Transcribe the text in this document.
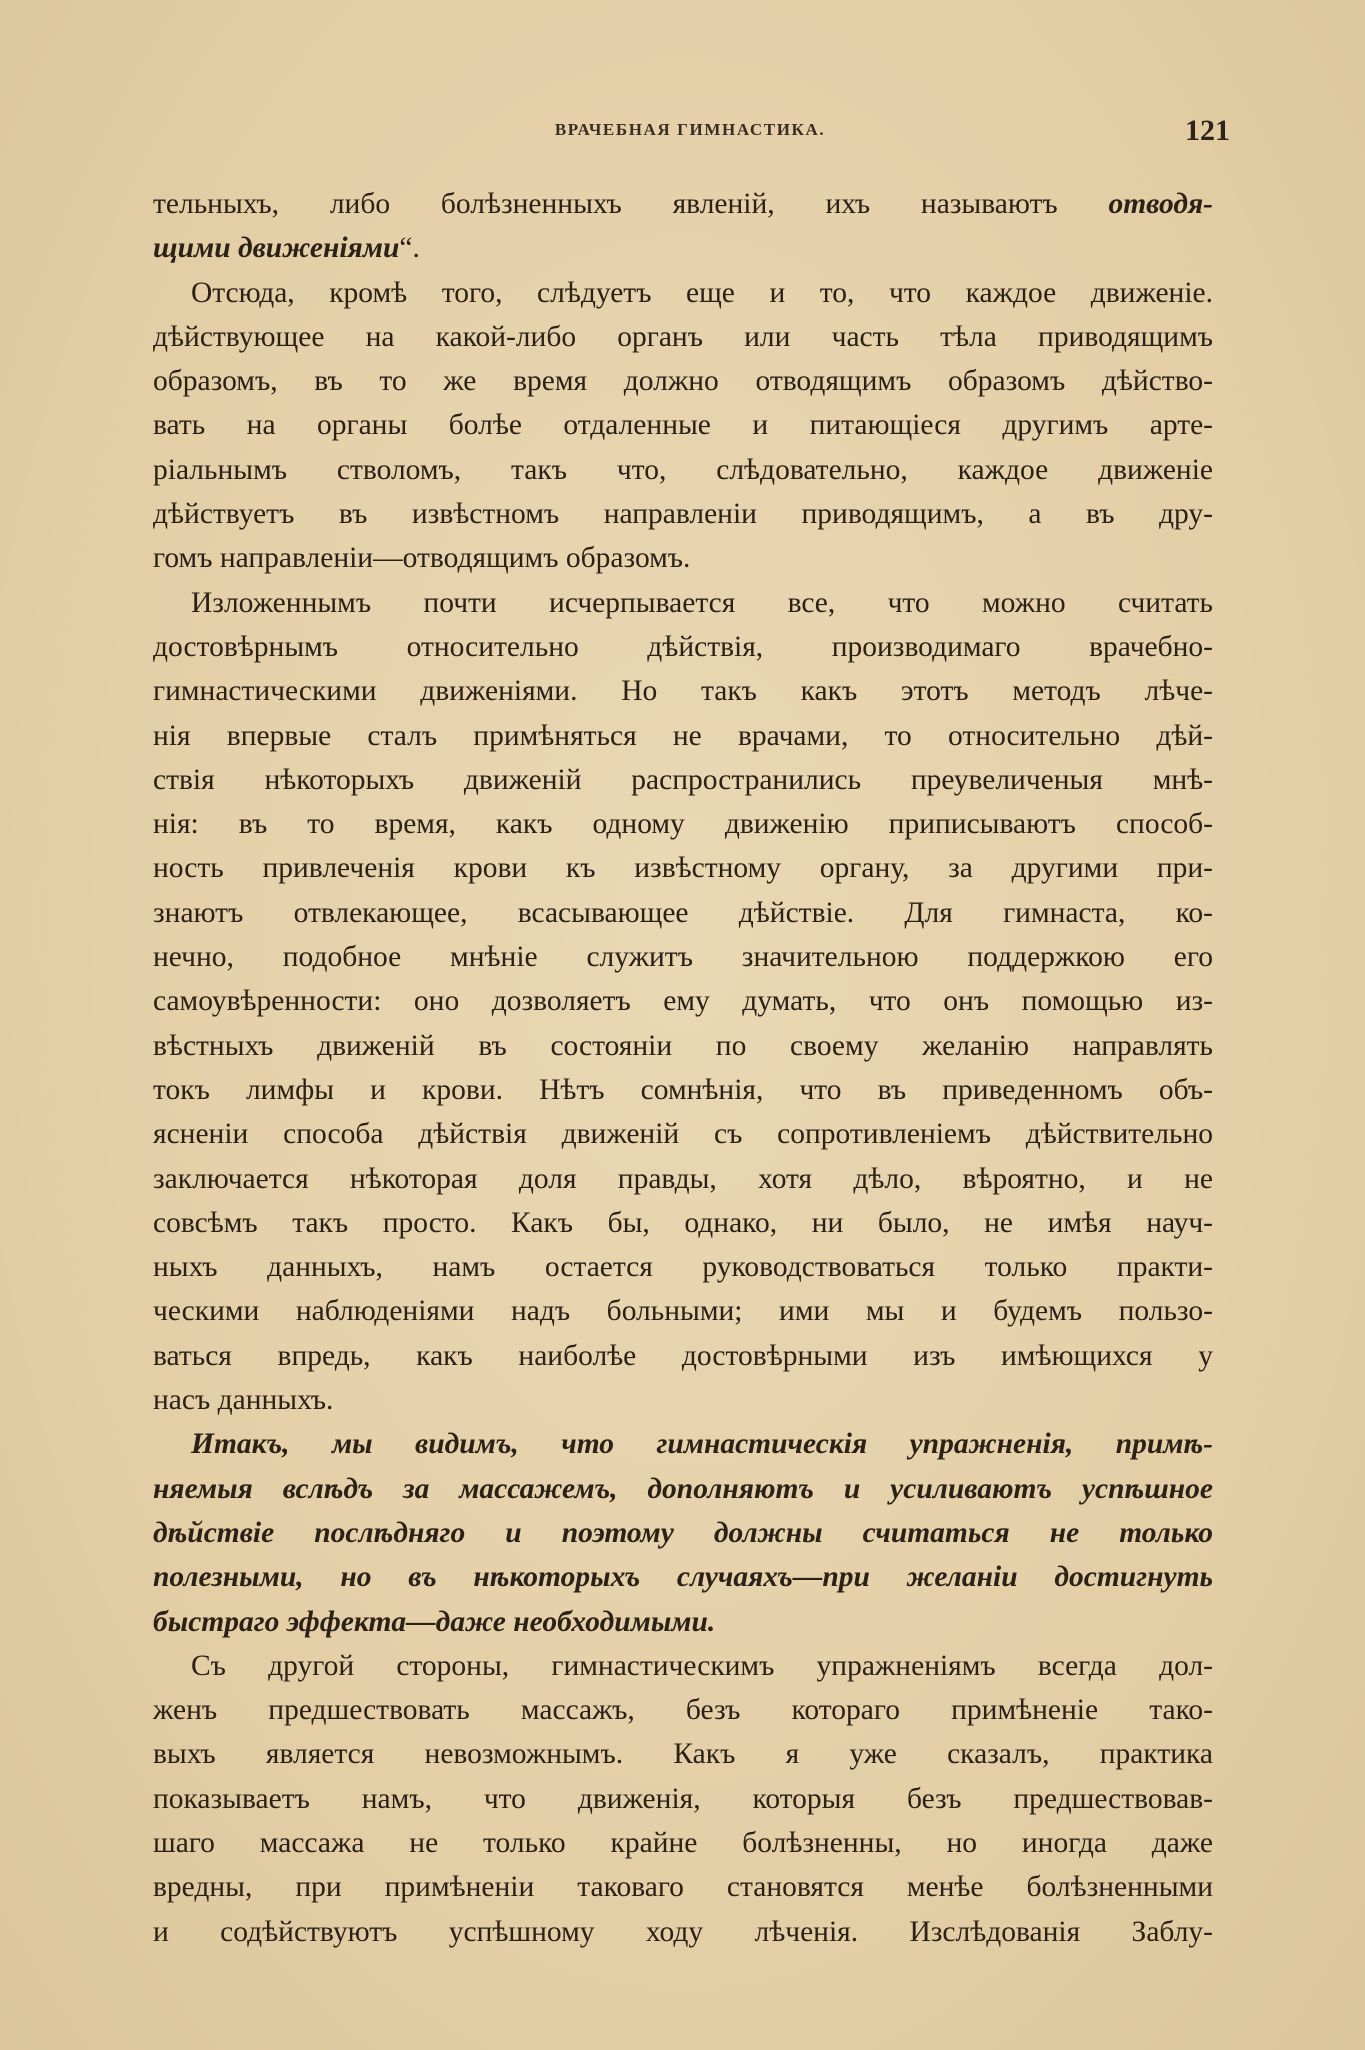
ВРАЧЕБНАЯ ГИМНАСТИКА.	121
тельныхъ, либо болѣзненныхъ явленій, ихъ называютъ отводя-
щими движеніями“.
Отсюда, кромѣ того, слѣдуетъ еще и то, что каждое движеніе.
дѣйствующее на какой-либо органъ или часть тѣла приводящимъ
образомъ, въ то же время должно отводящимъ образомъ дѣйство-
вать на органы болѣе отдаленные и питающіеся другимъ арте-
ріальнымъ стволомъ, такъ что, слѣдовательно, каждое движеніе
дѣйствуетъ въ извѣстномъ направленіи приводящимъ, а въ дру-
гомъ направленіи—отводящимъ образомъ.
Изложеннымъ почти исчерпывается все, что можно считать
достовѣрнымъ относительно дѣйствія, производимаго врачебно-
гимнастическими движеніями. Но такъ какъ этотъ методъ лѣче-
нія впервые сталъ примѣняться не врачами, то относительно дѣй-
ствія нѣкоторыхъ движеній распространились преувеличеныя мнѣ-
нія: въ то время, какъ одному движенію приписываютъ способ-
ность привлеченія крови къ извѣстному органу, за другими при-
знаютъ отвлекающее, всасывающее дѣйствіе. Для гимнаста, ко-
нечно, подобное мнѣніе служитъ значительною поддержкою его
самоувѣренности: оно дозволяетъ ему думать, что онъ помощью из-
вѣстныхъ движеній въ состояніи по своему желанію направлять
токъ лимфы и крови. Нѣтъ сомнѣнія, что въ приведенномъ объ-
ясненіи способа дѣйствія движеній съ сопротивленіемъ дѣйствительно
заключается нѣкоторая доля правды, хотя дѣло, вѣроятно, и не
совсѣмъ такъ просто. Какъ бы, однако, ни было, не имѣя науч-
ныхъ данныхъ, намъ остается руководствоваться только практи-
ческими наблюденіями надъ больными; ими мы и будемъ пользо-
ваться впредь, какъ наиболѣе достовѣрными изъ имѣющихся у
насъ данныхъ.
Итакъ, мы видимъ, что гимнастическія упражненія, примѣ-
няемыя вслѣдъ за массажемъ, дополняютъ и усиливаютъ успѣшное
дѣйствіе послѣдняго и поэтому должны считаться не только
полезными, но въ нѣкоторыхъ случаяхъ—при желаніи достигнуть
быстраго эффекта—даже необходимыми.
Съ другой стороны, гимнастическимъ упражненіямъ всегда дол-
женъ предшествовать массажъ, безъ котораго примѣненіе тако-
выхъ является невозможнымъ. Какъ я уже сказалъ, практика
показываетъ намъ, что движенія, которыя безъ предшествовав-
шаго массажа не только крайне болѣзненны, но иногда даже
вредны, при примѣненіи таковаго становятся менѣе болѣзненными
и содѣйствуютъ успѣшному ходу лѣченія. Изслѣдованія Заблу-
